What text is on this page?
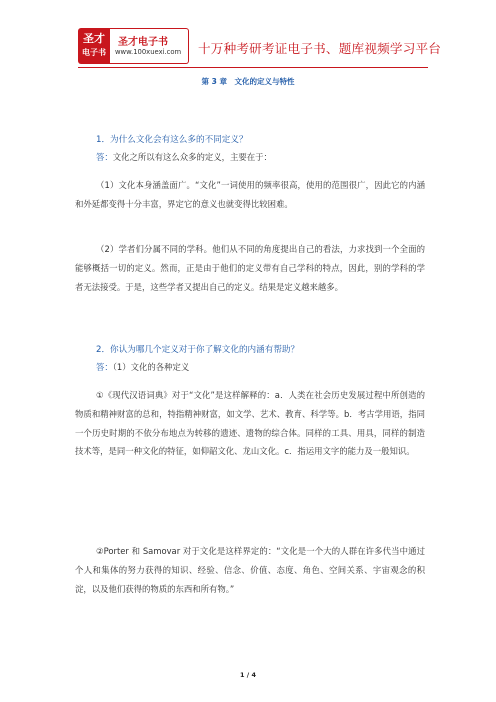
圣才
电子书
圣才电子书
www.100xuexi.com 十万种考研考证电子书、题库视频学习平台
第 3 章　文化的定义与特性
1．为什么文化会有这么多的不同定义？

答：文化之所以有这么众多的定义，主要在于：

（1）文化本身涵盖面广。“文化”一词使用的频率很高，使用的范围很广，因此它的内涵和外延都变得十分丰富，界定它的意义也就变得比较困难。

（2）学者们分属不同的学科。他们从不同的角度提出自己的看法，力求找到一个全面的能够概括一切的定义。然而，正是由于他们的定义带有自己学科的特点，因此，别的学科的学者无法接受。于是，这些学者又提出自己的定义。结果是定义越来越多。

2．你认为哪几个定义对于你了解文化的内涵有帮助？

答：（1）文化的各种定义

①《现代汉语词典》对于“文化”是这样解释的：a．人类在社会历史发展过程中所创造的物质和精神财富的总和，特指精神财富，如文学、艺术、教育、科学等。b．考古学用语，指同一个历史时期的不依分布地点为转移的遗迹、遗物的综合体。同样的工具、用具，同样的制造技术等，是同一种文化的特征，如仰韶文化、龙山文化。c．指运用文字的能力及一般知识。

②Porter 和 Samovar 对于文化是这样界定的：“文化是一个大的人群在许多代当中通过个人和集体的努力获得的知识、经验、信念、价值、态度、角色、空间关系、宇宙观念的积淀，以及他们获得的物质的东西和所有物。”

1 / 4
